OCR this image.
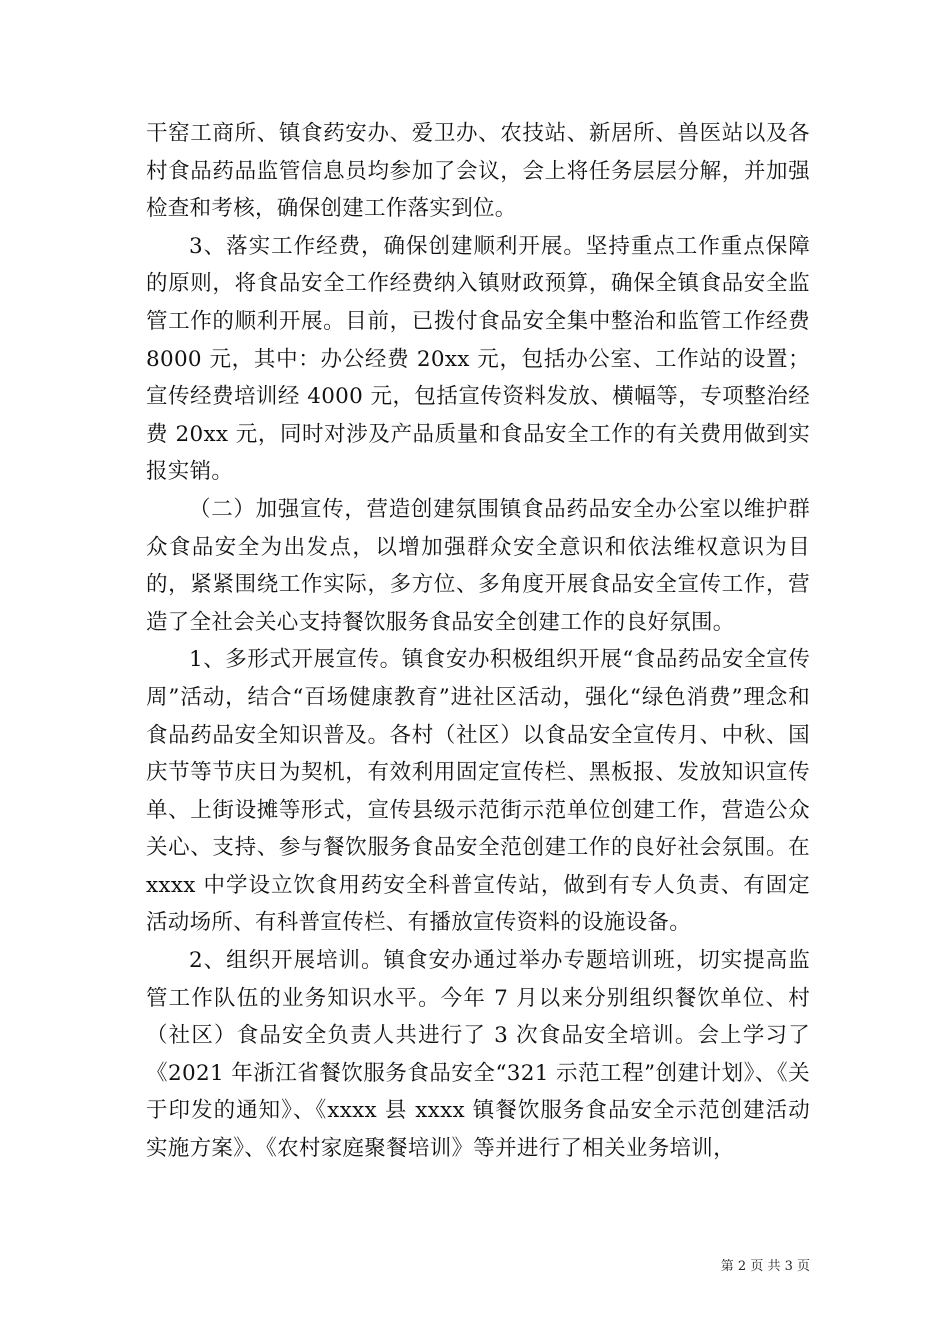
干窑工商所、镇食药安办、爱卫办、农技站、新居所、兽医站以及各村食品药品监管信息员均参加了会议，会上将任务层层分解，并加强检查和考核，确保创建工作落实到位。

3、落实工作经费，确保创建顺利开展。坚持重点工作重点保障的原则，将食品安全工作经费纳入镇财政预算，确保全镇食品安全监管工作的顺利开展。目前，已拨付食品安全集中整治和监管工作经费 8000 元，其中：办公经费 20xx 元，包括办公室、工作站的设置；宣传经费培训经 4000 元，包括宣传资料发放、横幅等，专项整治经费 20xx 元，同时对涉及产品质量和食品安全工作的有关费用做到实报实销。

（二）加强宣传，营造创建氛围镇食品药品安全办公室以维护群众食品安全为出发点，以增加强群众安全意识和依法维权意识为目的，紧紧围绕工作实际，多方位、多角度开展食品安全宣传工作，营造了全社会关心支持餐饮服务食品安全创建工作的良好氛围。

1、多形式开展宣传。镇食安办积极组织开展“食品药品安全宣传周”活动，结合“百场健康教育”进社区活动，强化“绿色消费”理念和食品药品安全知识普及。各村（社区）以食品安全宣传月、中秋、国庆节等节庆日为契机，有效利用固定宣传栏、黑板报、发放知识宣传单、上街设摊等形式，宣传县级示范街示范单位创建工作，营造公众关心、支持、参与餐饮服务食品安全范创建工作的良好社会氛围。在 xxxx 中学设立饮食用药安全科普宣传站，做到有专人负责、有固定活动场所、有科普宣传栏、有播放宣传资料的设施设备。

2、组织开展培训。镇食安办通过举办专题培训班，切实提高监管工作队伍的业务知识水平。今年 7 月以来分别组织餐饮单位、村（社区）食品安全负责人共进行了 3 次食品安全培训。会上学习了《2021 年浙江省餐饮服务食品安全“321 示范工程”创建计划》、《关于印发的通知》、《xxxx 县 xxxx 镇餐饮服务食品安全示范创建活动实施方案》、《农村家庭聚餐培训》等并进行了相关业务培训，

第 2 页 共 3 页
